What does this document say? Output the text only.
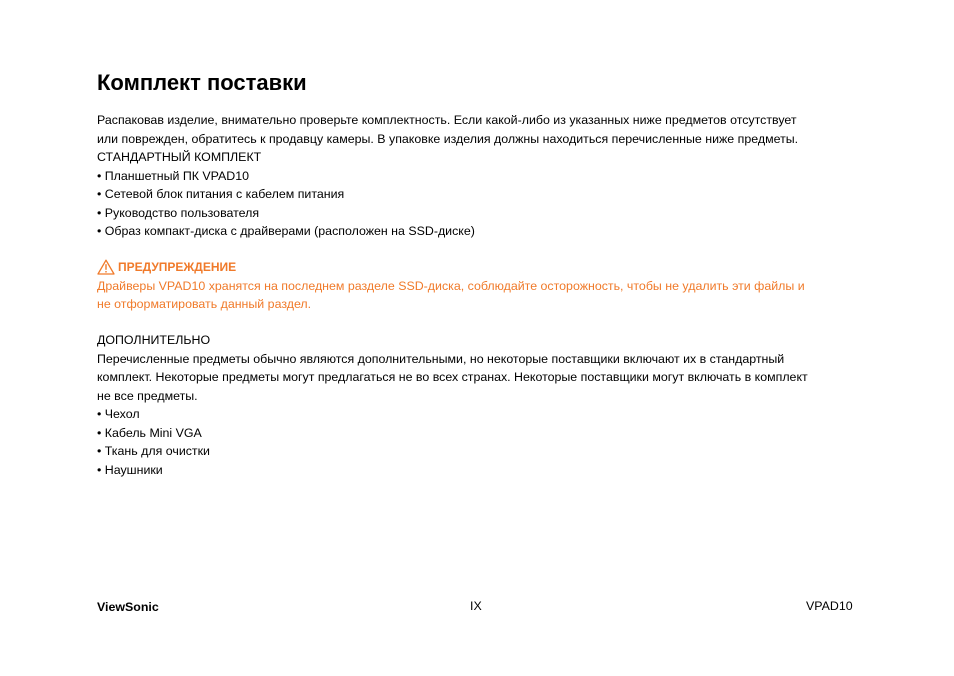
Комплект поставки
Распаковав изделие, внимательно проверьте комплектность. Если какой-либо из указанных ниже предметов отсутствует
или поврежден, обратитесь к продавцу камеры. В упаковке изделия должны находиться перечисленные ниже предметы.
СТАНДАРТНЫЙ КОМПЛЕКТ
• Планшетный ПК VPAD10
• Сетевой блок питания с кабелем питания
• Руководство пользователя
• Образ компакт-диска с драйверами (расположен на SSD-диске)
ПРЕДУПРЕЖДЕНИЕ
Драйверы VPAD10 хранятся на последнем разделе SSD-диска, соблюдайте осторожность, чтобы не удалить эти файлы и
не отформатировать данный раздел.
ДОПОЛНИТЕЛЬНО
Перечисленные предметы обычно являются дополнительными, но некоторые поставщики включают их в стандартный
комплект. Некоторые предметы могут предлагаться не во всех странах. Некоторые поставщики могут включать в комплект
не все предметы.
• Чехол
• Кабель Mini VGA
• Ткань для очистки
• Наушники
ViewSonic	IX	VPAD10
